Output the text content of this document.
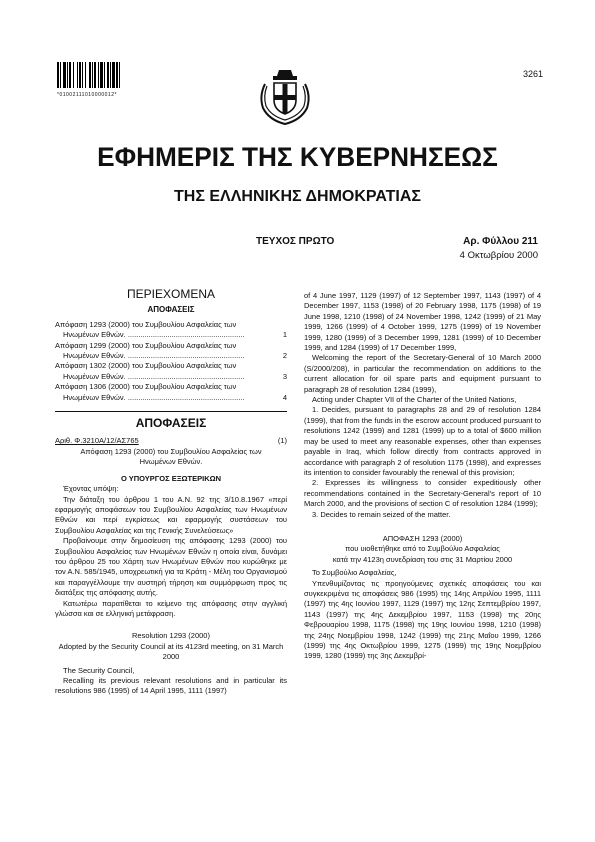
*01002111010000012*
3261
ΕΦΗΜΕΡΙΣ ΤΗΣ ΚΥΒΕΡΝΗΣΕΩΣ
ΤΗΣ ΕΛΛΗΝΙΚΗΣ ΔΗΜΟΚΡΑΤΙΑΣ
ΤΕΥΧΟΣ ΠΡΩΤΟ	Αρ. Φύλλου 211
4 Οκτωβρίου 2000
ΠΕΡΙΕΧΟΜΕΝΑ
ΑΠΟΦΑΣΕΙΣ
Απόφαση 1293 (2000) του Συμβουλίου Ασφαλείας των
Ηνωμένων Εθνών. ........................................................	1
Απόφαση 1299 (2000) του Συμβουλίου Ασφαλείας των
Ηνωμένων Εθνών. ........................................................	2
Απόφαση 1302 (2000) του Συμβουλίου Ασφαλείας των
Ηνωμένων Εθνών. ........................................................	3
Απόφαση 1306 (2000) του Συμβουλίου Ασφαλείας των
Ηνωμένων Εθνών. ........................................................	4
ΑΠΟΦΑΣΕΙΣ
Αριθ. Φ.3210Α/12/ΑΣ765	(1)
Απόφαση 1293 (2000) του Συμβουλίου Ασφαλείας των Ηνωμένων Εθνών.
Ο ΥΠΟΥΡΓΟΣ ΕΞΩΤΕΡΙΚΩΝ

Έχοντας υπόψη:

Την διάταξη του άρθρου 1 του Α.Ν. 92 της 3/10.8.1967 «περί εφαρμογής αποφάσεων του Συμβουλίου Ασφαλείας των Ηνωμένων Εθνών και περί εγκρίσεως και εφαρμογής συστάσεων του Συμβουλίου Ασφαλείας και της Γενικής Συνελεύσεως»

Προβαίνουμε στην δημοσίευση της απόφασης 1293 (2000) του Συμβουλίου Ασφαλείας των Ηνωμένων Εθνών η οποία είναι, δυνάμει του άρθρου 25 του Χάρτη των Ηνωμένων Εθνών που κυρώθηκε με τον Α.Ν. 585/1945, υποχρεωτική για τα Κράτη - Μέλη του Οργανισμού και παραγγέλλουμε την αυστηρή τήρηση και συμμόρφωση προς τις διατάξεις της απόφασης αυτής.

Κατωτέρω παρατίθεται το κείμενο της απόφασης στην αγγλική γλώσσα και σε ελληνική μετάφραση.

Resolution 1293 (2000)
Adopted by the Security Council at its 4123rd meeting, on 31 March 2000

The Security Council,

Recalling its previous relevant resolutions and in particular its resolutions 986 (1995) of 14 April 1995, 1111 (1997)

of 4 June 1997, 1129 (1997) of 12 September 1997, 1143 (1997) of 4 December 1997, 1153 (1998) of 20 February 1998, 1175 (1998) of 19 June 1998, 1210 (1998) of 24 November 1998, 1242 (1999) of 21 May 1999, 1266 (1999) of 4 October 1999, 1275 (1999) of 19 November 1999, 1280 (1999) of 3 December 1999, 1281 (1999) of 10 December 1999, and 1284 (1999) of 17 December 1999,

Welcoming the report of the Secretary-General of 10 March 2000 (S/2000/208), in particular the recommendation on additions to the current allocation for oil spare parts and equipment pursuant to paragraph 28 of resolution 1284 (1999),

Acting under Chapter VII of the Charter of the United Nations,

1. Decides, pursuant to paragraphs 28 and 29 of resolution 1284 (1999), that from the funds in the escrow account produced pursuant to resolutions 1242 (1999) and 1281 (1999) up to a total of $600 million may be used to meet any reasonable expenses, other than expenses payable in Iraq, which follow directly from contracts approved in accordance with paragraph 2 of resolution 1175 (1998), and expresses its intention to consider favourably the renewal of this provision;

2. Expresses its willingness to consider expeditiously other recommendations contained in the Secretary-General's report of 10 March 2000, and the provisions of section C of resolution 1284 (1999);

3. Decides to remain seized of the matter.

ΑΠΟΦΑΣΗ 1293 (2000)
που υιοθετήθηκε από το Συμβούλιο Ασφαλείας
κατά την 4123η συνεδρίαση του στις 31 Μαρτίου 2000

Το Συμβούλιο Ασφαλείας,

Υπενθυμίζοντας τις προηγούμενες σχετικές αποφάσεις του και συγκεκριμένα τις αποφάσεις 986 (1995) της 14ης Απριλίου 1995, 1111 (1997) της 4ης Ιουνίου 1997, 1129 (1997) της 12ης Σεπτεμβρίου 1997, 1143 (1997) της 4ης Δεκεμβρίου 1997, 1153 (1998) της 20ης Φεβρουαρίου 1998, 1175 (1998) της 19ης Ιουνίου 1998, 1210 (1998) της 24ης Νοεμβρίου 1998, 1242 (1999) της 21ης Μαΐου 1999, 1266 (1999) της 4ης Οκτωβρίου 1999, 1275 (1999) της 19ης Νοεμβρίου 1999, 1280 (1999) της 3ης Δεκεμβρί-
